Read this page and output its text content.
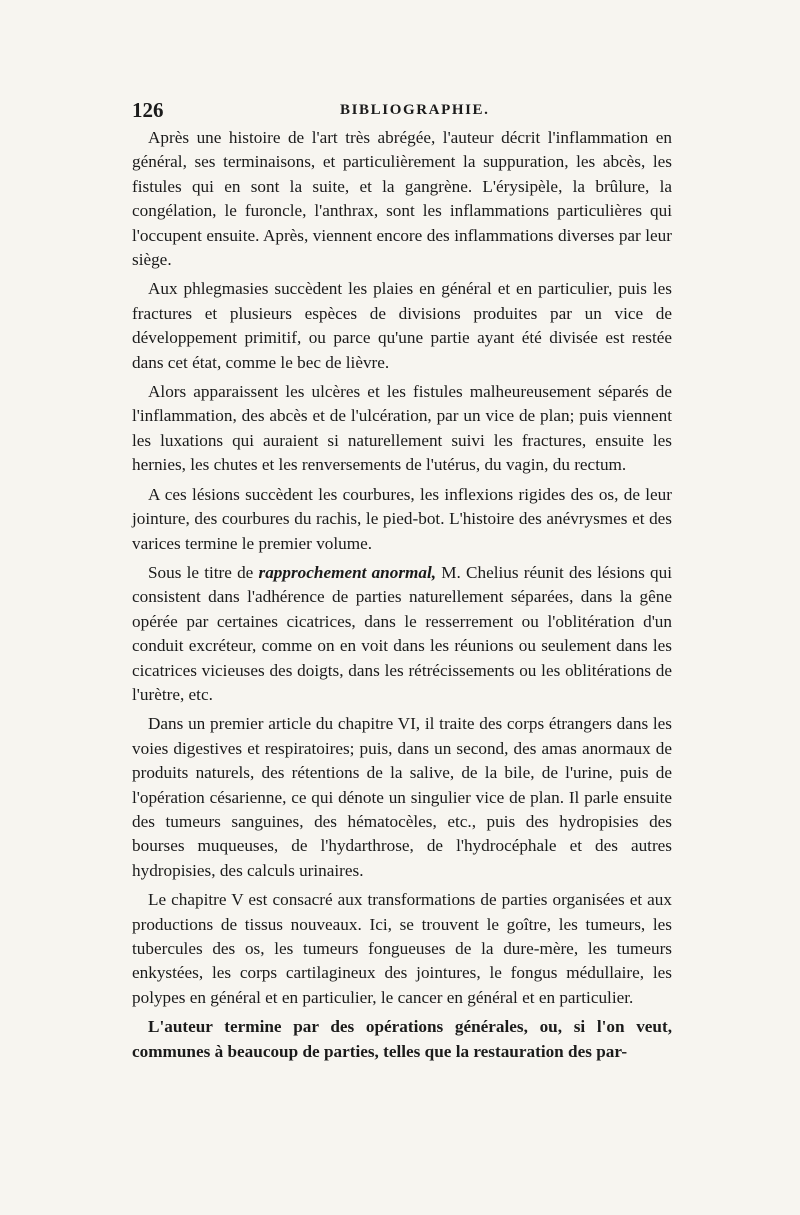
126	BIBLIOGRAPHIE.

Après une histoire de l'art très abrégée, l'auteur décrit l'inflammation en général, ses terminaisons, et particulièrement la suppuration, les abcès, les fistules qui en sont la suite, et la gangrène. L'érysipèle, la brûlure, la congélation, le furoncle, l'anthrax, sont les inflammations particulières qui l'occupent ensuite. Après, viennent encore des inflammations diverses par leur siège.

Aux phlegmasies succèdent les plaies en général et en particulier, puis les fractures et plusieurs espèces de divisions produites par un vice de développement primitif, ou parce qu'une partie ayant été divisée est restée dans cet état, comme le bec de lièvre.

Alors apparaissent les ulcères et les fistules malheureusement séparés de l'inflammation, des abcès et de l'ulcération, par un vice de plan; puis viennent les luxations qui auraient si naturellement suivi les fractures, ensuite les hernies, les chutes et les renversements de l'utérus, du vagin, du rectum.

A ces lésions succèdent les courbures, les inflexions rigides des os, de leur jointure, des courbures du rachis, le pied-bot. L'histoire des anévrysmes et des varices termine le premier volume.

Sous le titre de rapprochement anormal, M. Chelius réunit des lésions qui consistent dans l'adhérence de parties naturellement séparées, dans la gêne opérée par certaines cicatrices, dans le resserrement ou l'oblitération d'un conduit excréteur, comme on en voit dans les réunions ou seulement dans les cicatrices vicieuses des doigts, dans les rétrécissements ou les oblitérations de l'urètre, etc.

Dans un premier article du chapitre VI, il traite des corps étrangers dans les voies digestives et respiratoires; puis, dans un second, des amas anormaux de produits naturels, des rétentions de la salive, de la bile, de l'urine, puis de l'opération césarienne, ce qui dénote un singulier vice de plan. Il parle ensuite des tumeurs sanguines, des hématocèles, etc., puis des hydropisies des bourses muqueuses, de l'hydarthrose, de l'hydrocéphale et des autres hydropisies, des calculs urinaires.

Le chapitre V est consacré aux transformations de parties organisées et aux productions de tissus nouveaux. Ici, se trouvent le goître, les tumeurs, les tubercules des os, les tumeurs fongueuses de la dure-mère, les tumeurs enkystées, les corps cartilagineux des jointures, le fongus médullaire, les polypes en général et en particulier, le cancer en général et en particulier.

L'auteur termine par des opérations générales, ou, si l'on veut, communes à beaucoup de parties, telles que la restauration des par-
